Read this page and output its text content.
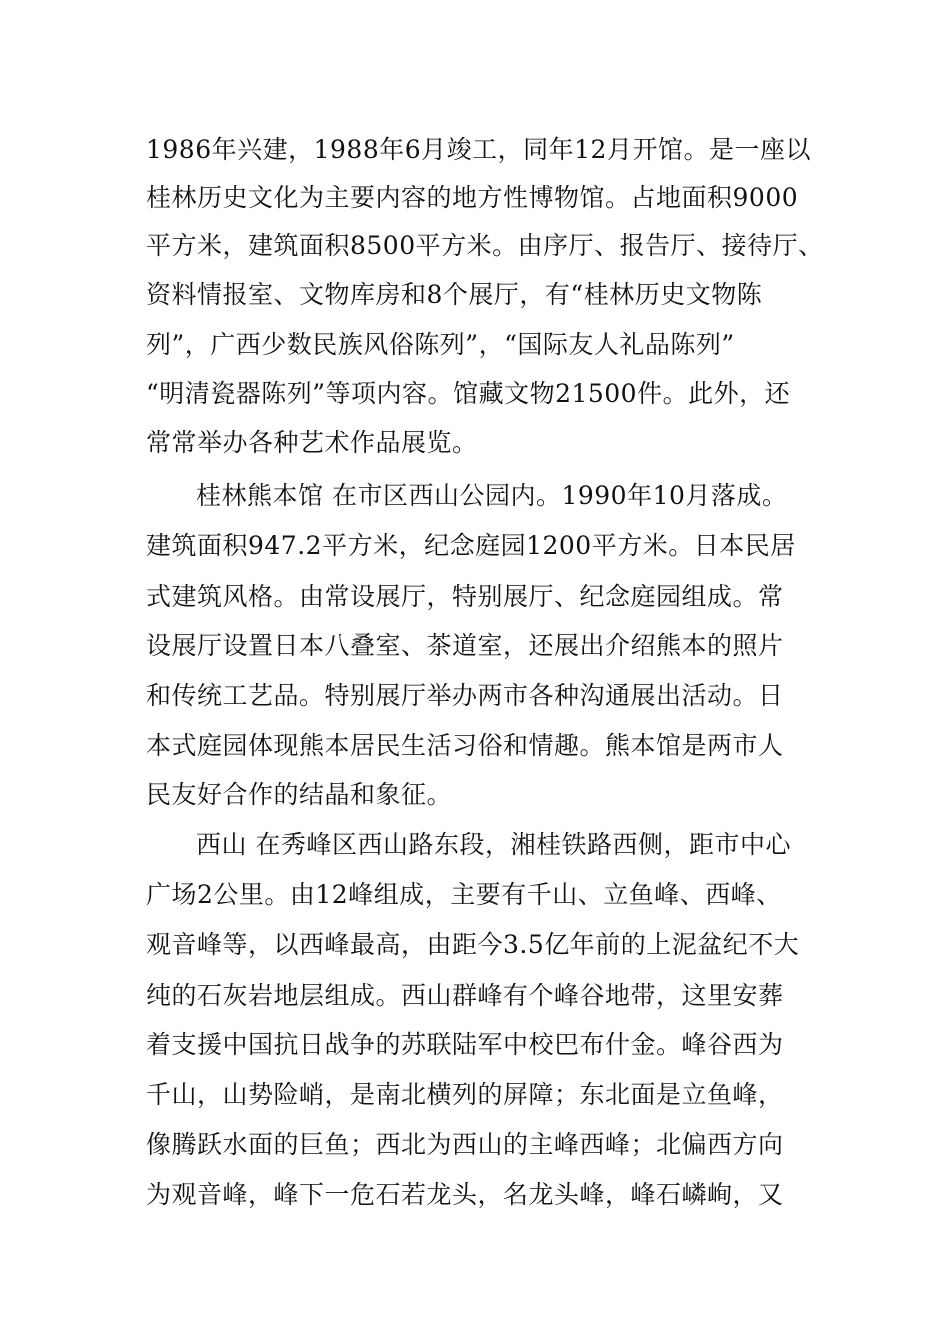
1986年兴建，1988年6月竣工，同年12月开馆。是一座以
桂林历史文化为主要内容的地方性博物馆。占地面积9000
平方米，建筑面积8500平方米。由序厅、报告厅、接待厅、
资料情报室、文物库房和8个展厅，有“桂林历史文物陈
列”，广西少数民族风俗陈列”，“国际友人礼品陈列”
“明清瓷器陈列”等项内容。馆藏文物21500件。此外，还
常常举办各种艺术作品展览。
桂林熊本馆 在市区西山公园内。1990年10月落成。
建筑面积947.2平方米，纪念庭园1200平方米。日本民居
式建筑风格。由常设展厅，特别展厅、纪念庭园组成。常
设展厅设置日本八叠室、茶道室，还展出介绍熊本的照片
和传统工艺品。特别展厅举办两市各种沟通展出活动。日
本式庭园体现熊本居民生活习俗和情趣。熊本馆是两市人
民友好合作的结晶和象征。
西山 在秀峰区西山路东段，湘桂铁路西侧，距市中心
广场2公里。由12峰组成，主要有千山、立鱼峰、西峰、
观音峰等，以西峰最高，由距今3.5亿年前的上泥盆纪不大
纯的石灰岩地层组成。西山群峰有个峰谷地带，这里安葬
着支援中国抗日战争的苏联陆军中校巴布什金。峰谷西为
千山，山势险峭，是南北横列的屏障；东北面是立鱼峰，
像腾跃水面的巨鱼；西北为西山的主峰西峰；北偏西方向
为观音峰，峰下一危石若龙头，名龙头峰，峰石嶙峋，又
